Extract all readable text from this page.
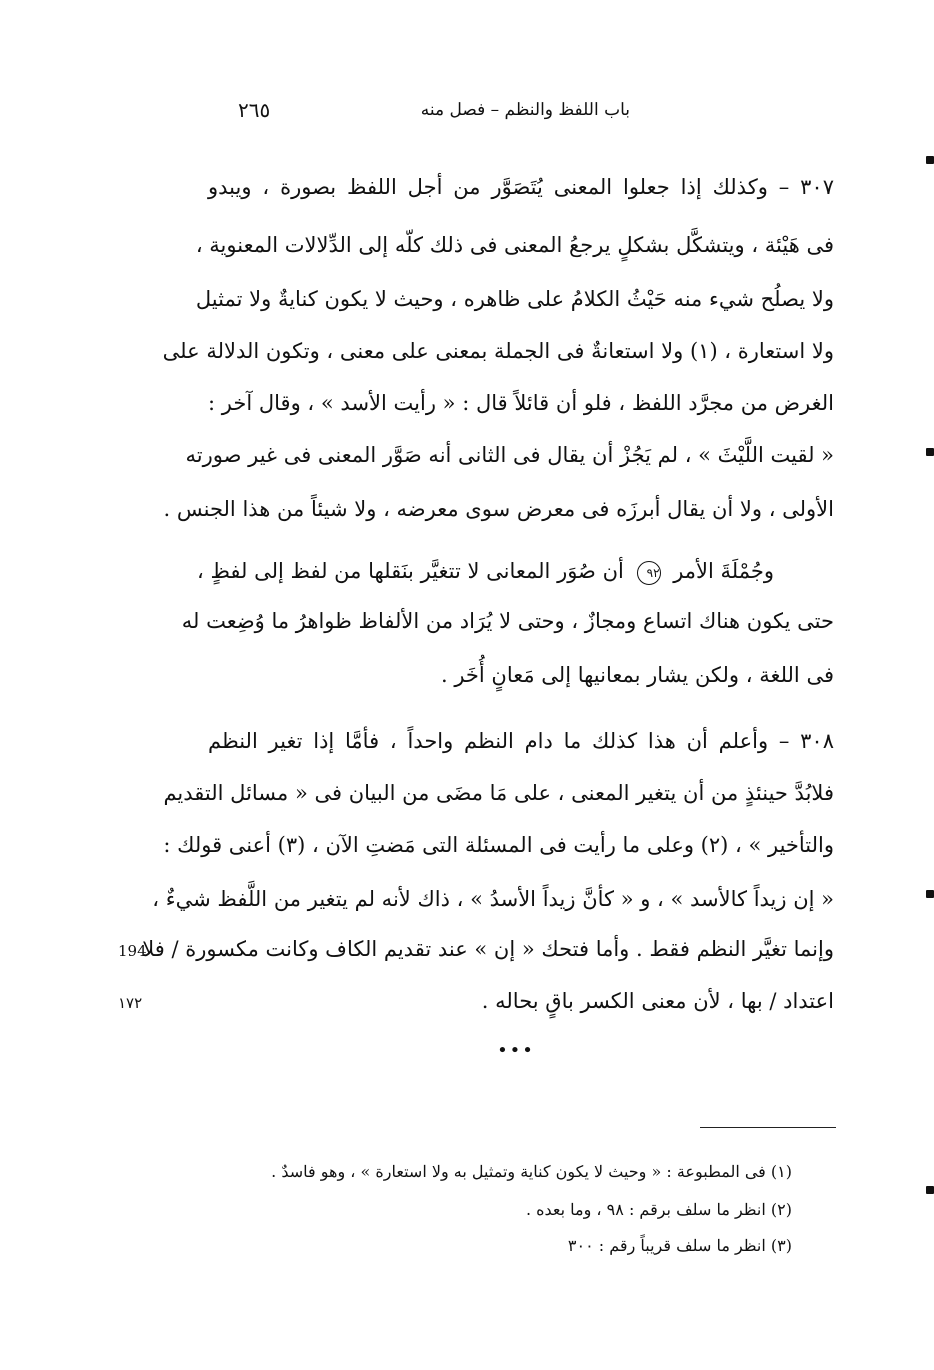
باب اللفظ والنظم – فصل منه
٢٦٥
٣٠٧ – وكذلك إذا جعلوا المعنى يُتَصَوَّر من أجل اللفظ بصورة ، ويبدو
فى هَيْئة ، ويتشكَّل بشكلٍ يرجعُ المعنى فى ذلك كلّه إلى الدِّلالات المعنوية ،
ولا يصلُح شيء منه حَيْثُ الكلامُ على ظاهره ، وحيث لا يكون كنايةٌ ولا تمثيل
ولا استعارة ، (١) ولا استعانةٌ فى الجملة بمعنى على معنى ، وتكون الدلالة على
الغرض من مجرَّد اللفظ ، فلو أن قائلاً قال : « رأيت الأسد » ، وقال آخر :
« لقيت اللَّيْثَ » ، لم يَجُزْ أن يقال فى الثانى أنه صَوَّر المعنى فى غير صورته
الأولى ، ولا أن يقال أبرزَه فى معرض سوى معرضه ، ولا شيئاً من هذا الجنس .
وجُمْلَةَ الأمر ٩٢ أن صُوَر المعانى لا تتغيَّر بنَقلها من لفظ إلى لفظٍ ،
حتى يكون هناك اتساع ومجازٌ ، وحتى لا يُرَاد من الألفاظ ظواهرُ ما وُضِعت له
فى اللغة ، ولكن يشار بمعانيها إلى مَعانٍ أُخَر .
٣٠٨ – وأعلم أن هذا كذلك ما دام النظم واحداً ، فأمَّا إذا تغير النظم
فلابُدَّ حينئذٍ من أن يتغير المعنى ، على مَا مضَى من البيان فى « مسائل التقديم
والتأخير » ، (٢) وعلى ما رأيت فى المسئلة التى مَضتِ الآن ، (٣) أعنى قولك :
« إن زيداً كالأسد » ، و « كأنَّ زيداً الأسدُ » ، ذاك لأنه لم يتغير من اللَّفظ شيءٌ ،
وإنما تغيَّر النظم فقط . وأما فتحك « إن » عند تقديم الكاف وكانت مكسورة / فلا
اعتداد / بها ، لأن معنى الكسر باقٍ بحاله .
194
١٧٢
•••
(١) فى المطبوعة : « وحيث لا يكون كناية وتمثيل به ولا استعارة » ، وهو فاسدٌ .
(٢) انظر ما سلف برقم : ٩٨ ، وما بعده .
(٣) انظر ما سلف قريباً رقم : ٣٠٠
